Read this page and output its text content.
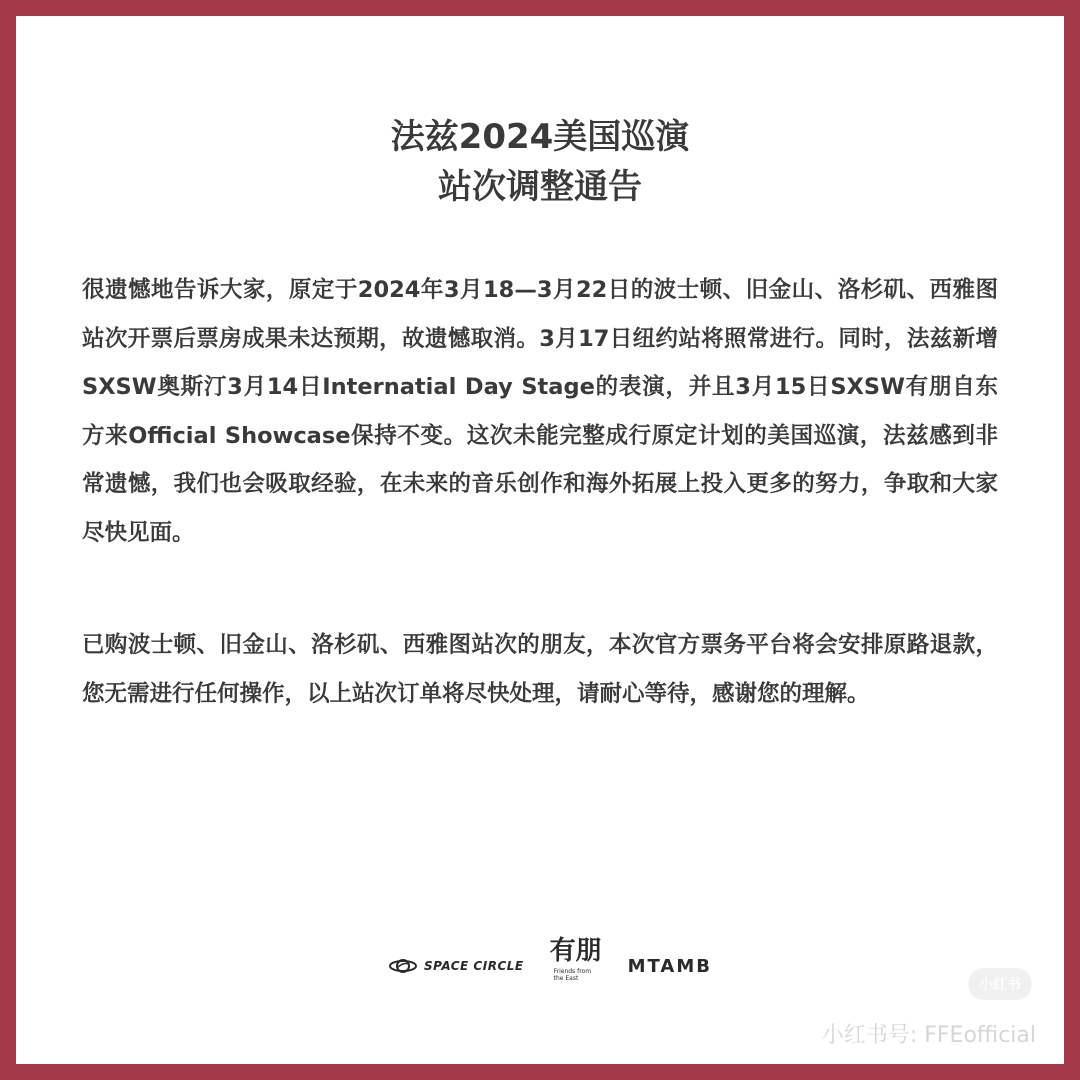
法兹2024美国巡演
站次调整通告
很遗憾地告诉大家，原定于2024年3月18—3月22日的波士顿、旧金山、洛杉矶、西雅图站次开票后票房成果未达预期，故遗憾取消。3月17日纽约站将照常进行。同时，法兹新增SXSW奥斯汀3月14日Internatial Day Stage的表演，并且3月15日SXSW有朋自东方来Official Showcase保持不变。这次未能完整成行原定计划的美国巡演，法兹感到非常遗憾，我们也会吸取经验，在未来的音乐创作和海外拓展上投入更多的努力，争取和大家尽快见面。
已购波士顿、旧金山、洛杉矶、西雅图站次的朋友，本次官方票务平台将会安排原路退款，您无需进行任何操作，以上站次订单将尽快处理，请耐心等待，感谢您的理解。
SPACE CIRCLE 有朋
Friends from the East
MTAMB
小红书
小红书号: FFEofficial
